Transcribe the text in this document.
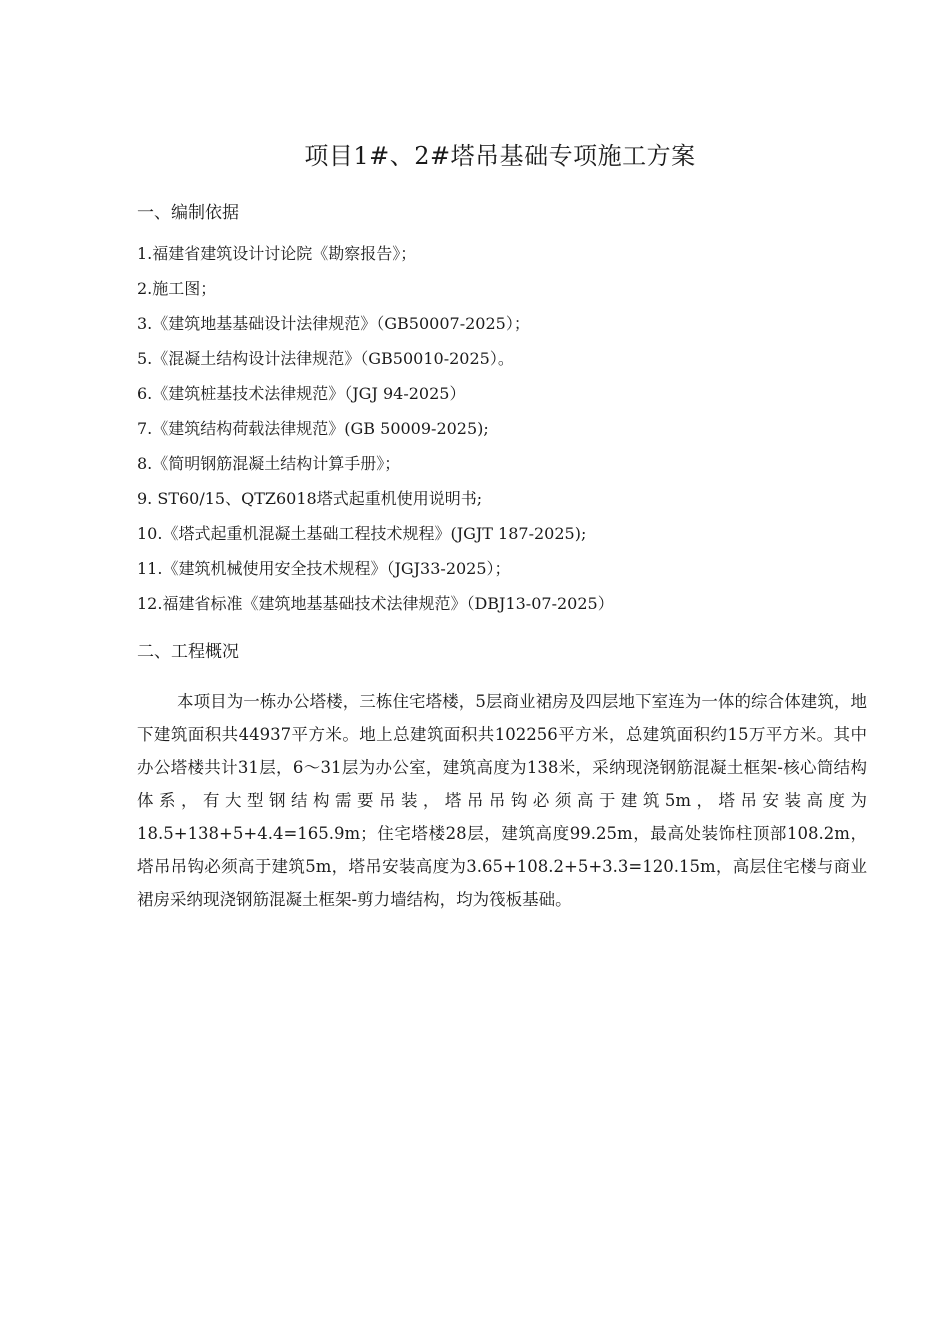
项目1#、2#塔吊基础专项施工方案
一、编制依据
1.福建省建筑设计讨论院《勘察报告》；
2.施工图；
3.《建筑地基基础设计法律规范》（GB50007-2025）；
5.《混凝土结构设计法律规范》（GB50010-2025）。
6.《建筑桩基技术法律规范》（JGJ 94-2025）
7.《建筑结构荷载法律规范》(GB 50009-2025);
8.《简明钢筋混凝土结构计算手册》；
9. ST60/15、QTZ6018塔式起重机使用说明书;
10.《塔式起重机混凝土基础工程技术规程》(JGJT 187-2025);
11.《建筑机械使用安全技术规程》（JGJ33-2025）；
12.福建省标准《建筑地基基础技术法律规范》（DBJ13-07-2025）
二、工程概况

本项目为一栋办公塔楼，三栋住宅塔楼，5层商业裙房及四层地下室连为一体的综合体建筑，地下建筑面积共44937平方米。地上总建筑面积共102256平方米，总建筑面积约15万平方米。其中办公塔楼共计31层，6～31层为办公室，建筑高度为138米，采纳现浇钢筋混凝土框架-核心筒结构体系，有大型钢结构需要吊装，塔吊吊钩必须高于建筑5m，塔吊安装高度为18.5+138+5+4.4=165.9m；住宅塔楼28层，建筑高度99.25m，最高处装饰柱顶部108.2m，塔吊吊钩必须高于建筑5m，塔吊安装高度为3.65+108.2+5+3.3=120.15m，高层住宅楼与商业裙房采纳现浇钢筋混凝土框架-剪力墙结构，均为筏板基础。
